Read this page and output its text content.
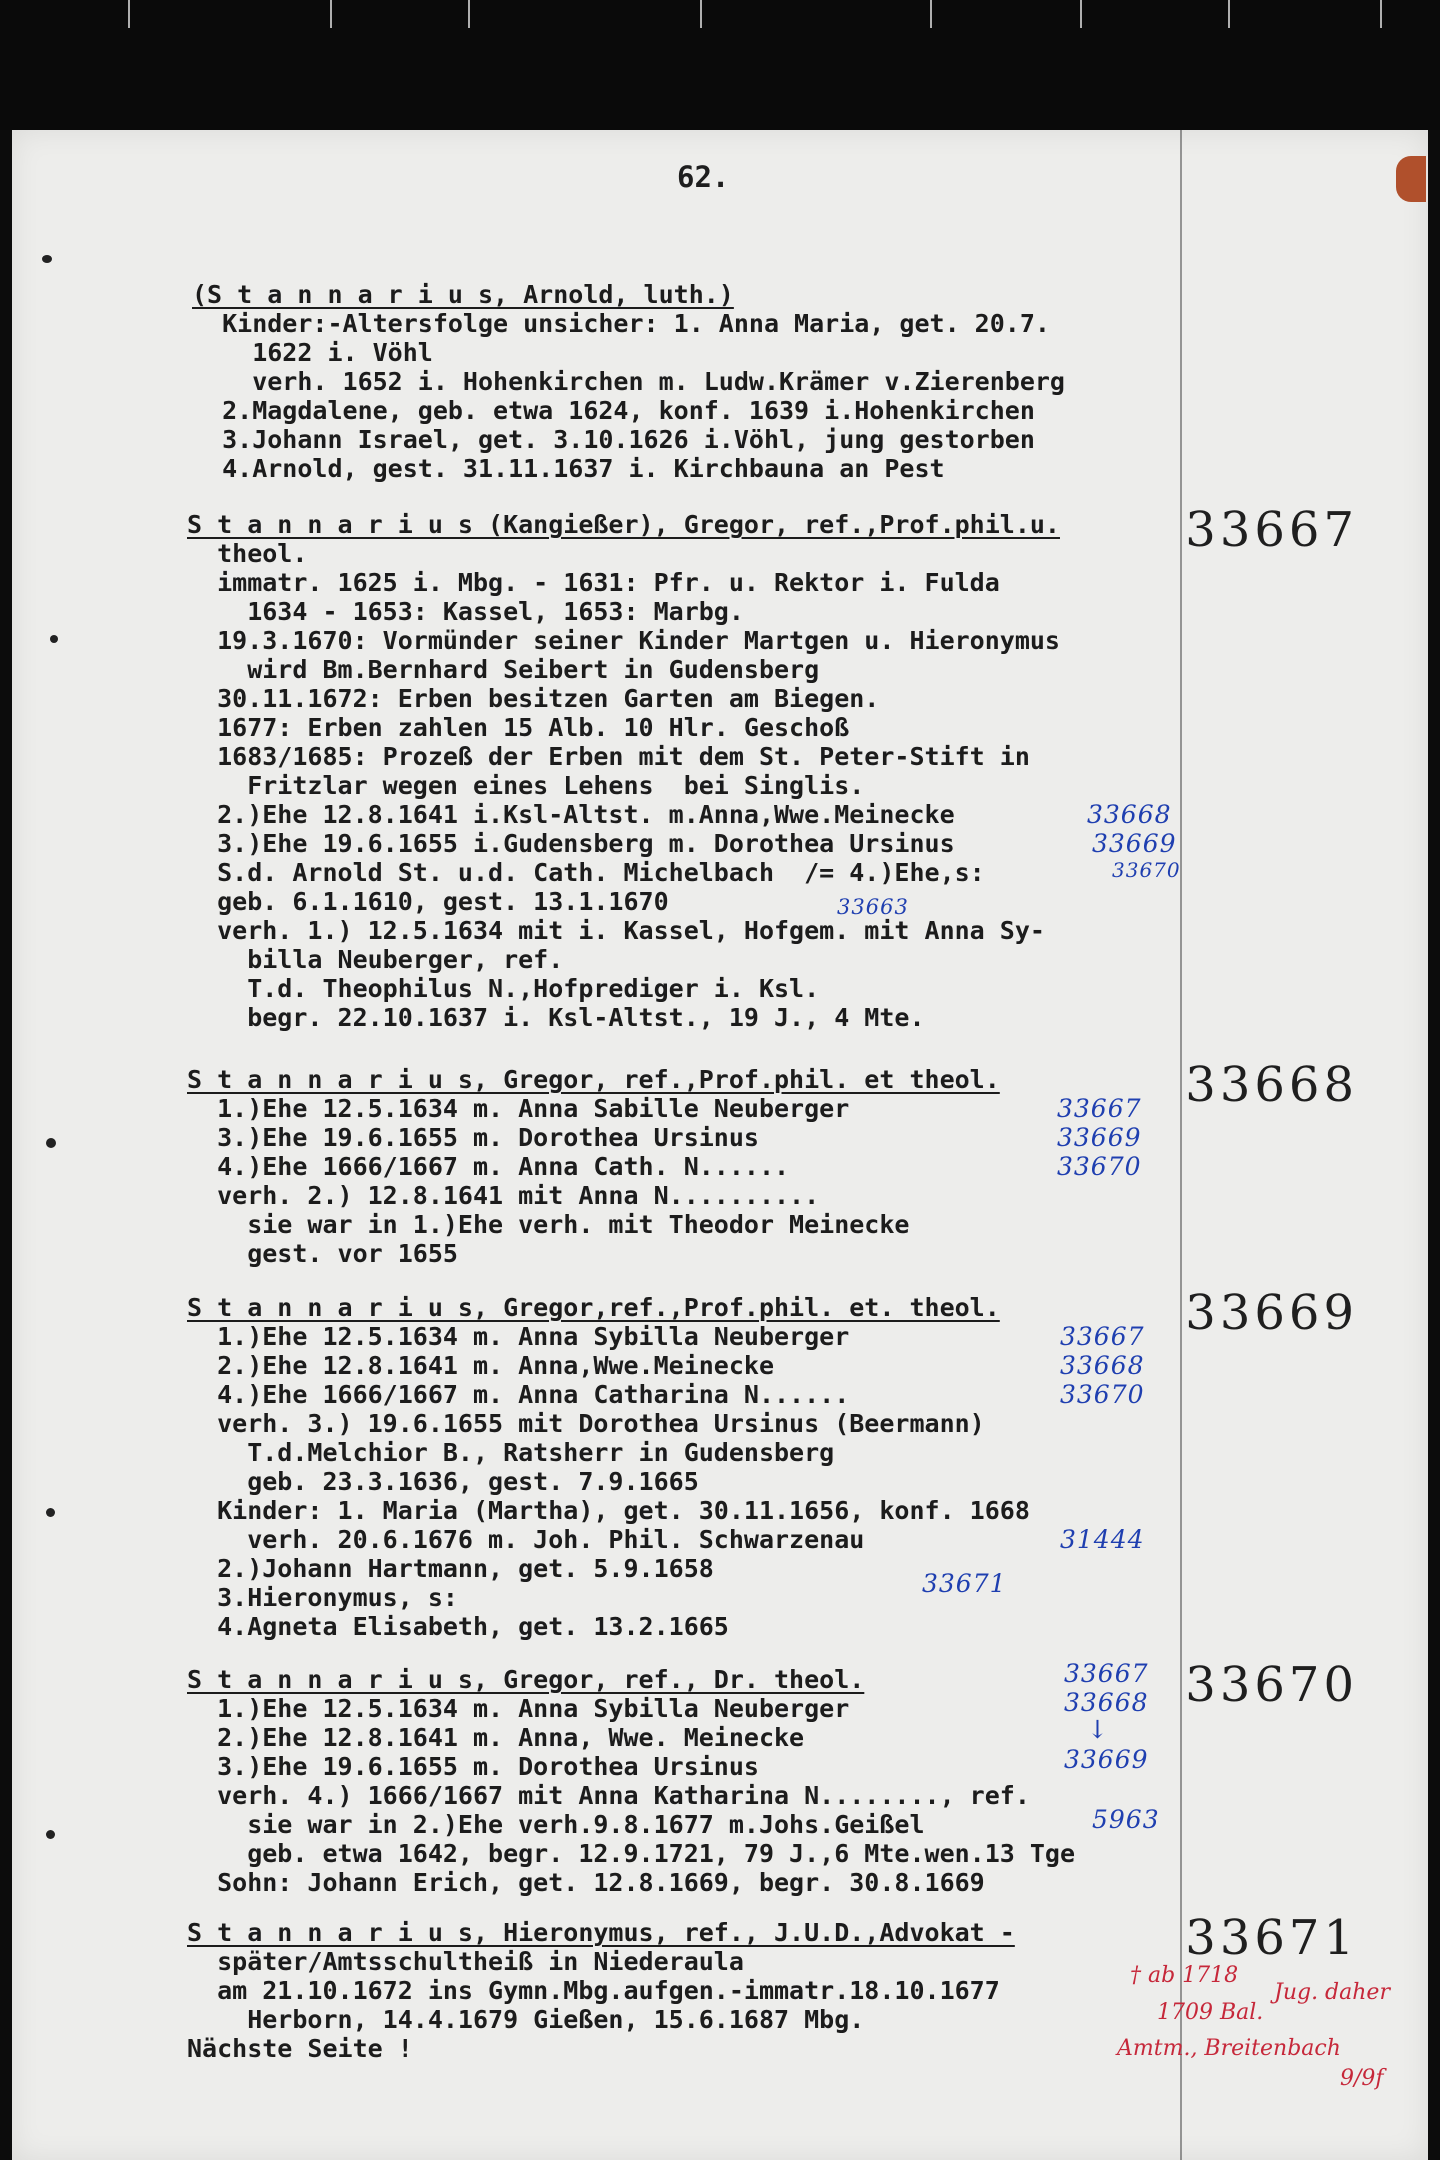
62.
(S t a n n a r i u s, Arnold, luth.)
Kinder:-Altersfolge unsicher: 1. Anna Maria, get. 20.7.
1622 i. Vöhl
verh. 1652 i. Hohenkirchen m. Ludw.Krämer v.Zierenberg
2.Magdalene, geb. etwa 1624, konf. 1639 i.Hohenkirchen
3.Johann Israel, get. 3.10.1626 i.Vöhl, jung gestorben
4.Arnold, gest. 31.11.1637 i. Kirchbauna an Pest
33667
S t a n n a r i u s (Kangießer), Gregor, ref.,Prof.phil.u.
theol.
immatr. 1625 i. Mbg. - 1631: Pfr. u. Rektor i. Fulda
1634 - 1653: Kassel, 1653: Marbg.
19.3.1670: Vormünder seiner Kinder Martgen u. Hieronymus
wird Bm.Bernhard Seibert in Gudensberg
30.11.1672: Erben besitzen Garten am Biegen.
1677: Erben zahlen 15 Alb. 10 Hlr. Geschoß
1683/1685: Prozeß der Erben mit dem St. Peter-Stift in
Fritzlar wegen eines Lehens  bei Singlis.
2.)Ehe 12.8.1641 i.Ksl-Altst. m.Anna,Wwe.Meinecke
3.)Ehe 19.6.1655 i.Gudensberg m. Dorothea Ursinus
S.d. Arnold St. u.d. Cath. Michelbach  /= 4.)Ehe,s:
geb. 6.1.1610, gest. 13.1.1670
verh. 1.) 12.5.1634 mit i. Kassel, Hofgem. mit Anna Sy-
billa Neuberger, ref.
T.d. Theophilus N.,Hofprediger i. Ksl.
begr. 22.10.1637 i. Ksl-Altst., 19 J., 4 Mte.
33668
33669
33670
33663
33668
S t a n n a r i u s, Gregor, ref.,Prof.phil. et theol.
1.)Ehe 12.5.1634 m. Anna Sabille Neuberger
3.)Ehe 19.6.1655 m. Dorothea Ursinus
4.)Ehe 1666/1667 m. Anna Cath. N......
verh. 2.) 12.8.1641 mit Anna N..........
sie war in 1.)Ehe verh. mit Theodor Meinecke
gest. vor 1655
33667
33669
33670
33669
S t a n n a r i u s, Gregor,ref.,Prof.phil. et. theol.
1.)Ehe 12.5.1634 m. Anna Sybilla Neuberger
2.)Ehe 12.8.1641 m. Anna,Wwe.Meinecke
4.)Ehe 1666/1667 m. Anna Catharina N......
verh. 3.) 19.6.1655 mit Dorothea Ursinus (Beermann)
T.d.Melchior B., Ratsherr in Gudensberg
geb. 23.3.1636, gest. 7.9.1665
Kinder: 1. Maria (Martha), get. 30.11.1656, konf. 1668
verh. 20.6.1676 m. Joh. Phil. Schwarzenau
2.)Johann Hartmann, get. 5.9.1658
3.Hieronymus, s:
4.Agneta Elisabeth, get. 13.2.1665
33667
33668
33670
31444
33671
33670
S t a n n a r i u s, Gregor, ref., Dr. theol.
1.)Ehe 12.5.1634 m. Anna Sybilla Neuberger
2.)Ehe 12.8.1641 m. Anna, Wwe. Meinecke
3.)Ehe 19.6.1655 m. Dorothea Ursinus
verh. 4.) 1666/1667 mit Anna Katharina N........, ref.
sie war in 2.)Ehe verh.9.8.1677 m.Johs.Geißel
geb. etwa 1642, begr. 12.9.1721, 79 J.,6 Mte.wen.13 Tge
Sohn: Johann Erich, get. 12.8.1669, begr. 30.8.1669
33667
33668
↓
33669
5963
33671
S t a n n a r i u s, Hieronymus, ref., J.U.D.,Advokat -
später/Amtsschultheiß in Niederaula
am 21.10.1672 ins Gymn.Mbg.aufgen.-immatr.18.10.1677
Herborn, 14.4.1679 Gießen, 15.6.1687 Mbg.
Nächste Seite !
† ab 1718
Jug. daher
1709 Bal.
Amtm., Breitenbach
9/9f
